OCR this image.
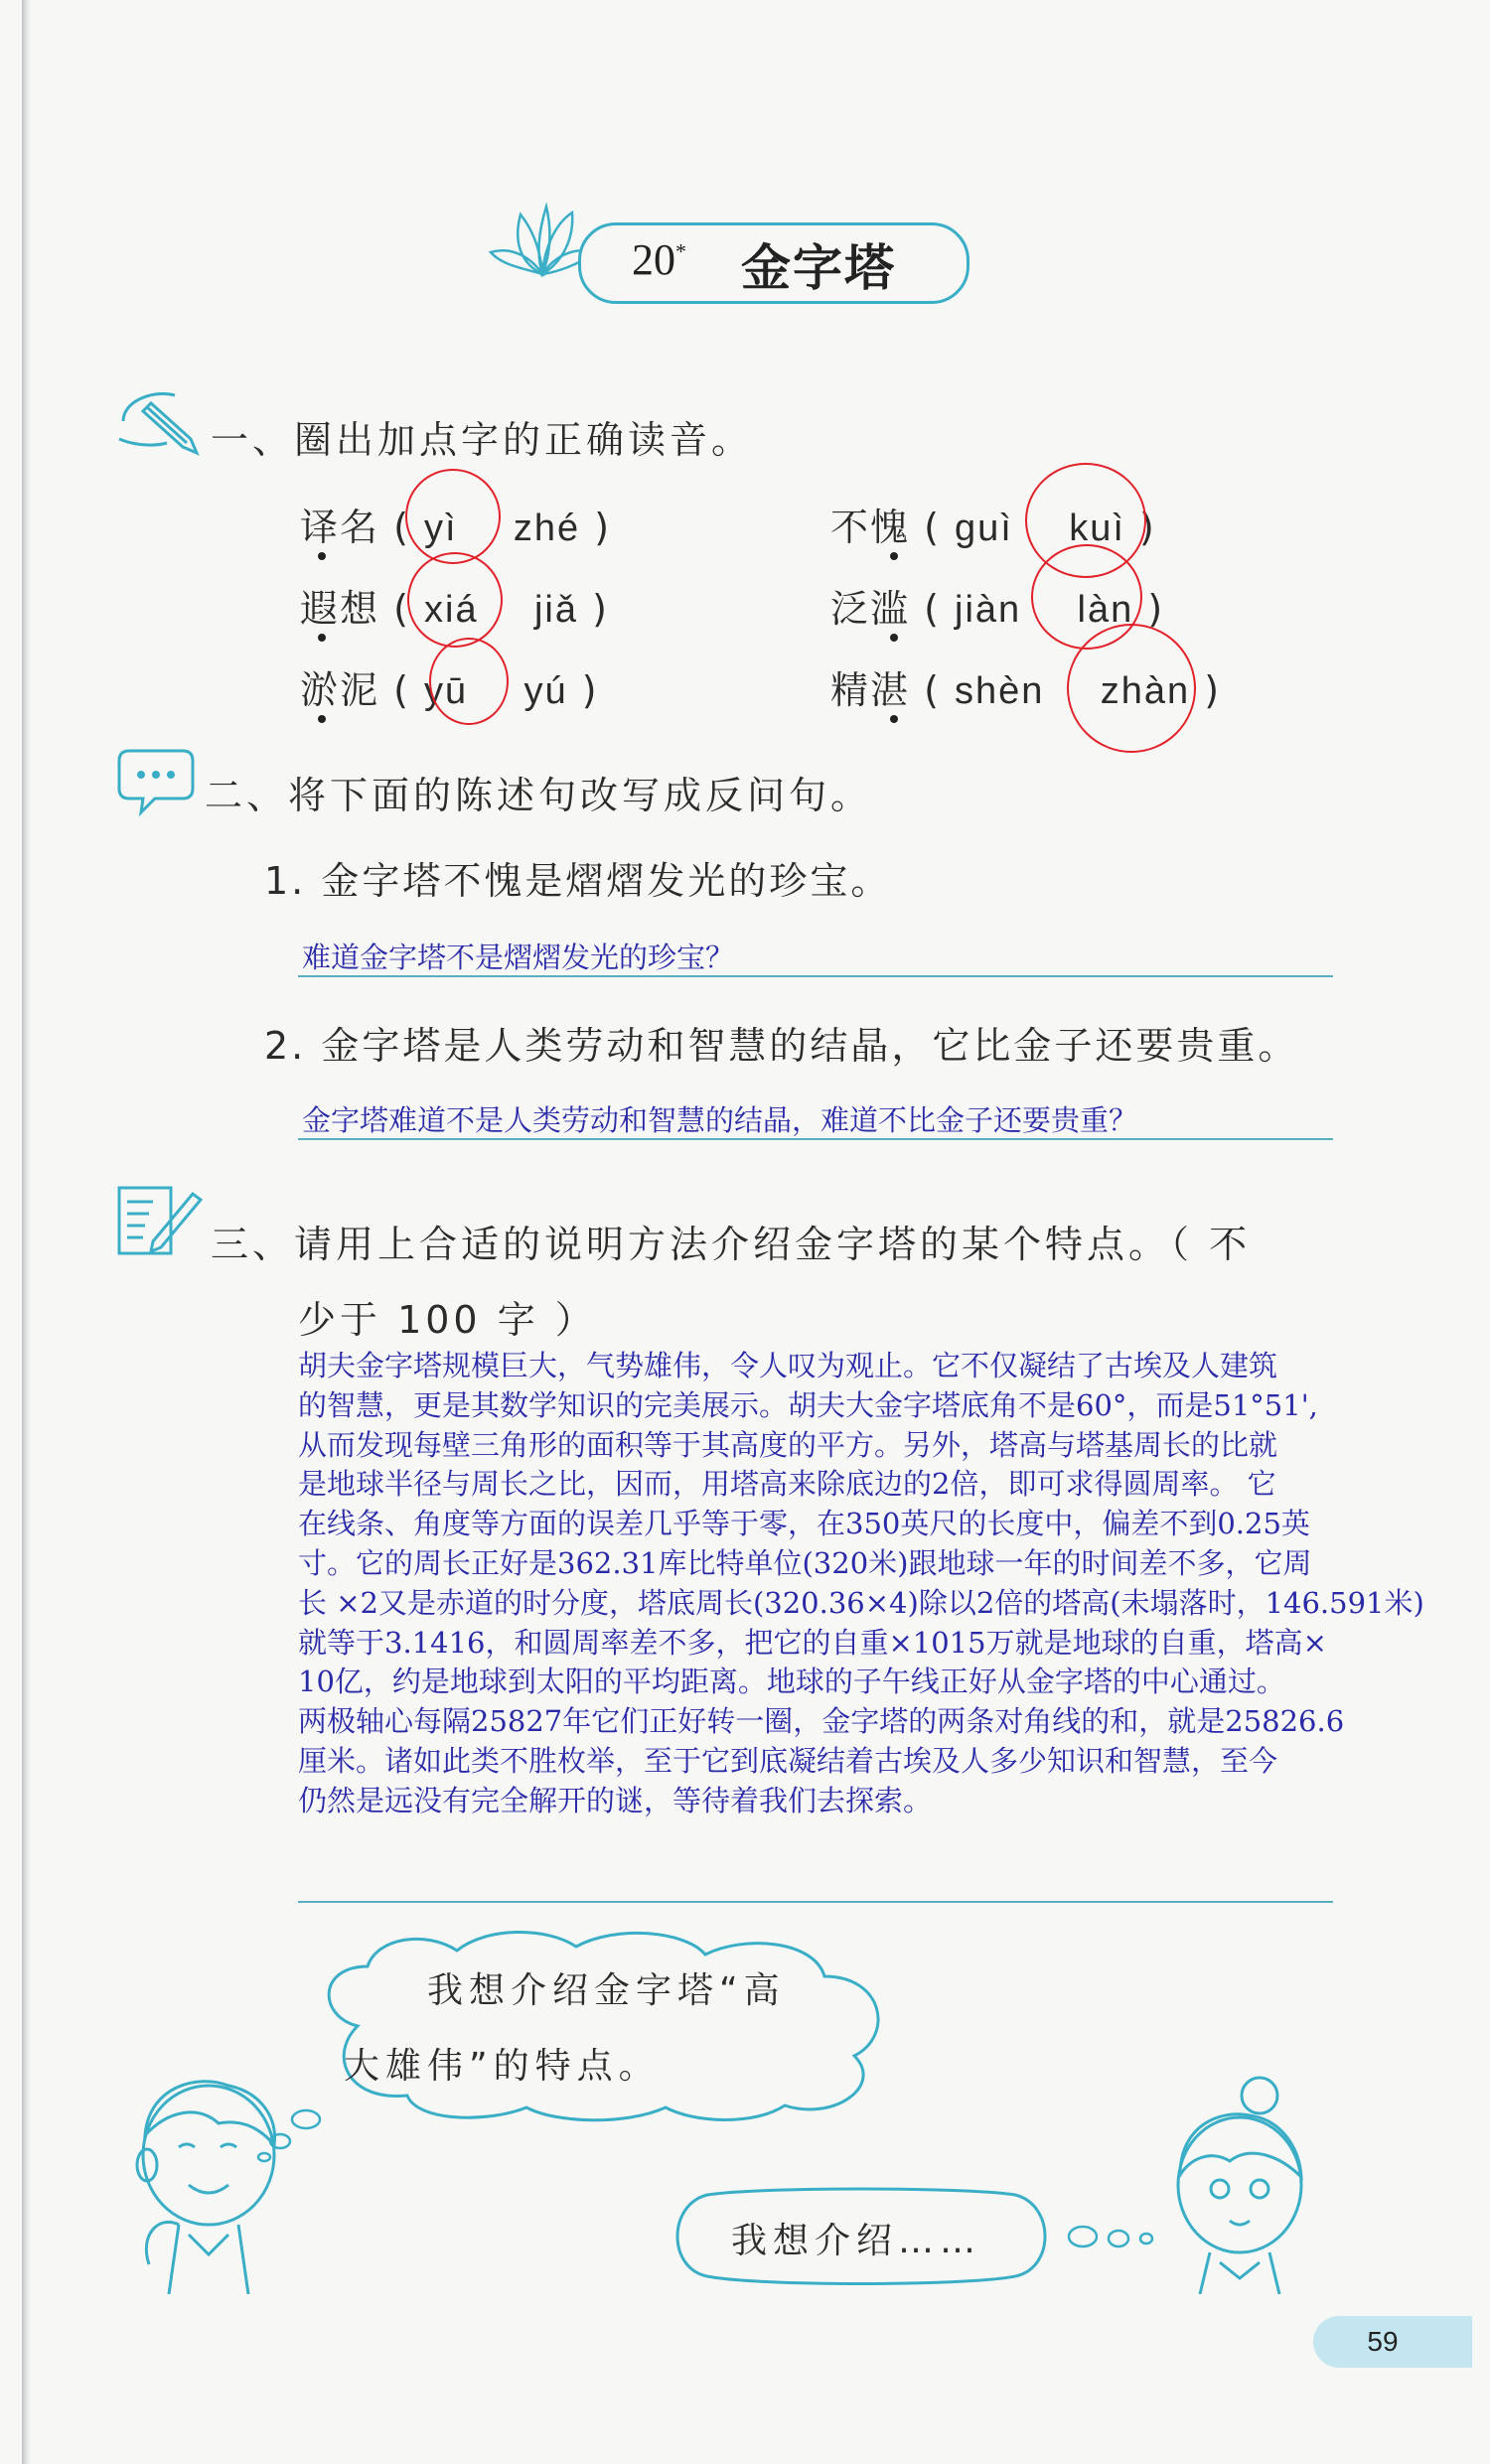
20* 金字塔
一、圈出加点字的正确读音。
译名 ( yì zhé )
遐想 ( xiá jiǎ )
淤泥 ( yū yú )
不愧 ( guì kuì )
泛滥 ( jiàn làn )
精湛 ( shèn zhàn )
二、将下面的陈述句改写成反问句。
1. 金字塔不愧是熠熠发光的珍宝。
难道金字塔不是熠熠发光的珍宝？
2. 金字塔是人类劳动和智慧的结晶，它比金子还要贵重。
金字塔难道不是人类劳动和智慧的结晶，难道不比金子还要贵重？
三、请用上合适的说明方法介绍金字塔的某个特点。（ 不
少于 100 字 ）
胡夫金字塔规模巨大，气势雄伟，令人叹为观止。它不仅凝结了古埃及人建筑
的智慧，更是其数学知识的完美展示。胡夫大金字塔底角不是60°，而是51°51',
从而发现每壁三角形的面积等于其高度的平方。另外，塔高与塔基周长的比就
是地球半径与周长之比，因而，用塔高来除底边的2倍，即可求得圆周率。 它
在线条、角度等方面的误差几乎等于零，在350英尺的长度中，偏差不到0.25英
寸。它的周长正好是362.31库比特单位(320米)跟地球一年的时间差不多，它周
长 ×2又是赤道的时分度，塔底周长(320.36×4)除以2倍的塔高(未塌落时，146.591米)
就等于3.1416，和圆周率差不多，把它的自重×1015万就是地球的自重，塔高×
10亿，约是地球到太阳的平均距离。地球的子午线正好从金字塔的中心通过。
两极轴心每隔25827年它们正好转一圈，金字塔的两条对角线的和，就是25826.6
厘米。诸如此类不胜枚举，至于它到底凝结着古埃及人多少知识和智慧，至今
仍然是远没有完全解开的谜，等待着我们去探索。
我想介绍金字塔“高
大雄伟”的特点。
我想介绍……
59
